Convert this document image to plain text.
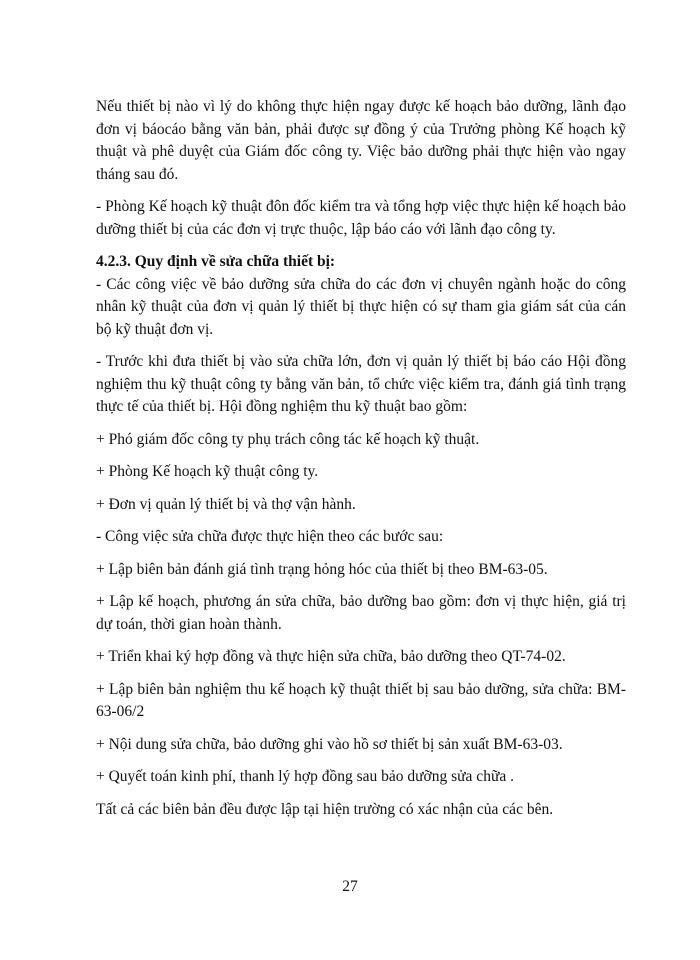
Nếu thiết bị nào vì lý do không thực hiện ngay được kế hoạch bảo dưỡng, lãnh đạo đơn vị báocáo bằng văn bản, phải được sự đồng ý của Trưởng phòng Kế hoạch kỹ thuật và phê duyệt của Giám đốc công ty. Việc bảo dưỡng phải thực hiện vào ngay tháng sau đó.

- Phòng Kế hoạch kỹ thuật đôn đốc kiểm tra và tổng hợp việc thực hiện kế hoạch bảo dưỡng thiết bị của các đơn vị trực thuộc, lập báo cáo với lãnh đạo công ty.

4.2.3. Quy định về sửa chữa thiết bị:

- Các công việc về bảo dưỡng sửa chữa do các đơn vị chuyên ngành hoặc do công nhân kỹ thuật của đơn vị quản lý thiết bị thực hiện có sự tham gia giám sát của cán bộ kỹ thuật đơn vị.

- Trước khi đưa thiết bị vào sửa chữa lớn, đơn vị quản lý thiết bị báo cáo Hội đồng nghiệm thu kỹ thuật công ty bằng văn bản, tổ chức việc kiểm tra, đánh giá tình trạng thực tế của thiết bị. Hội đồng nghiệm thu kỹ thuật bao gồm:

+ Phó giám đốc công ty phụ trách công tác kế hoạch kỹ thuật.

+ Phòng Kế hoạch kỹ thuật công ty.

+ Đơn vị quản lý thiết bị và thợ vận hành.

- Công việc sửa chữa được thực hiện theo các bước sau:

+ Lập biên bản đánh giá tình trạng hỏng hóc của thiết bị theo BM-63-05.

+ Lập kế hoạch, phương án sửa chữa, bảo dưỡng bao gồm: đơn vị thực hiện, giá trị dự toán, thời gian hoàn thành.

+ Triển khai ký hợp đồng và thực hiện sửa chữa, bảo dưỡng theo QT-74-02.

+ Lập biên bản nghiệm thu kế hoạch kỹ thuật thiết bị sau bảo dưỡng, sửa chữa: BM-63-06/2

+ Nội dung sửa chữa, bảo dưỡng ghi vào hồ sơ thiết bị sản xuất BM-63-03.

+ Quyết toán kinh phí, thanh lý hợp đồng sau bảo dưỡng sửa chữa .

Tất cả các biên bản đều được lập tại hiện trường có xác nhận của các bên.

27
